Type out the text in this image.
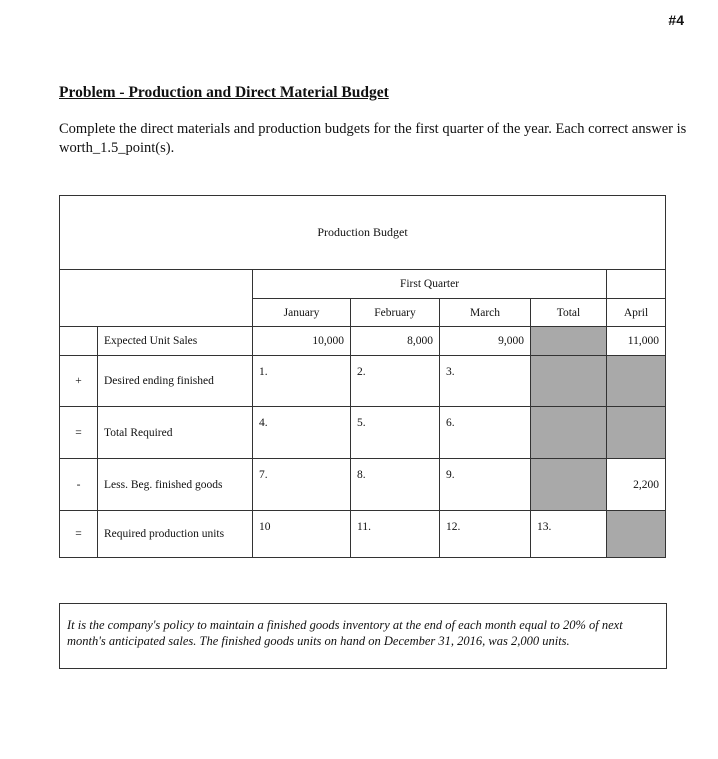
#4
Problem - Production and Direct Material Budget
Complete the direct materials and production budgets for the first quarter of the year. Each correct answer is worth_1.5_point(s).
Production Budget						
		First Quarter				
		January	February	March	Total	April
	Expected Unit Sales	10,000	8,000	9,000		11,000
+	Desired ending finished	1.	2.	3.		
=	Total Required	4.	5.	6.		
-	Less. Beg. finished goods	7.	8.	9.		2,200
=	Required production units	10	11.	12.	13.	
It is the company's policy to maintain a finished goods inventory at the end of each month equal to 20% of next month's anticipated sales. The finished goods units on hand on December 31, 2016, was 2,000 units.
